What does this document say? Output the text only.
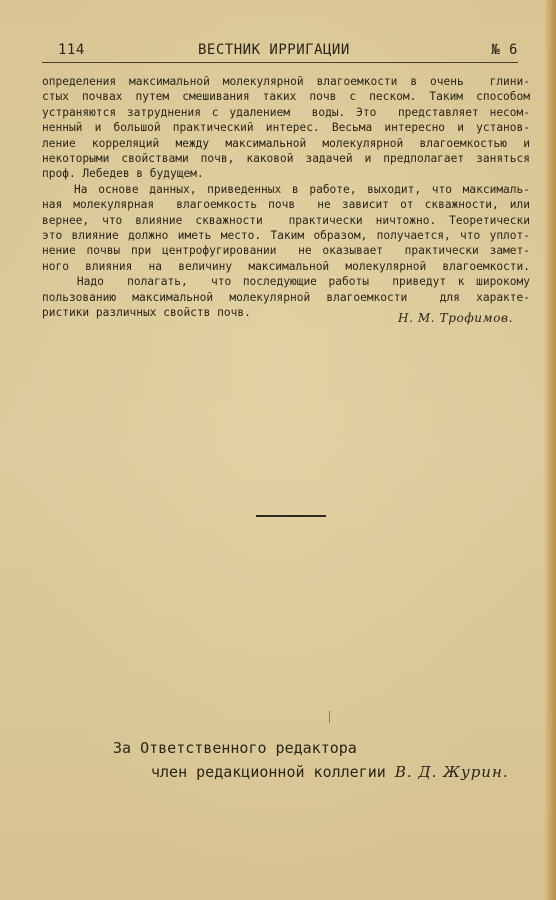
114	ВЕСТНИК ИРРИГАЦИИ	№ 6
определения максимальной молекулярной влагоемкости в очень  глини-
стых почвах путем смешивания таких почв с песком. Таким способом
устраняются затруднения с удалением  воды. Это  представляет несом-
ненный и большой практический интерес. Весьма интересно и установ-
ление корреляций между максимальной молекулярной влагоемкостью и
некоторыми свойствами почв, каковой задачей и предполагает заняться
проф. Лебедев в будущем.
На основе данных, приведенных в работе, выходит, что максималь-
ная молекулярная  влагоемкость почв  не зависит от скважности, или
вернее, что влияние скважности  практически ничтожно. Теоретически
это влияние должно иметь место. Таким образом, получается, что уплот-
нение почвы при центрофугировании  не оказывает  практически замет-
ного влияния на величину максимальной молекулярной влагоемкости.
Надо  полагать,  что последующие работы  приведут к широкому
пользованию максимальной молекулярной влагоемкости  для характе-
ристики различных свойств почв.	Н. М. Трофимов.
За Ответственного редактора
член редакционной коллегии В. Д. Журин.
